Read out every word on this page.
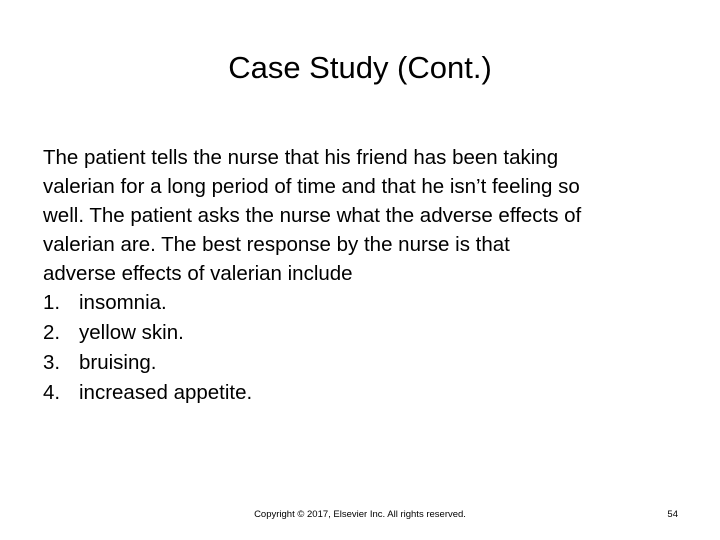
Case Study (Cont.)
The patient tells the nurse that his friend has been taking
valerian for a long period of time and that he isn’t feeling so
well. The patient asks the nurse what the adverse effects of
valerian are. The best response by the nurse is that
adverse effects of valerian include
1. insomnia.
2. yellow skin.
3. bruising.
4. increased appetite.
Copyright © 2017, Elsevier Inc. All rights reserved.	54
